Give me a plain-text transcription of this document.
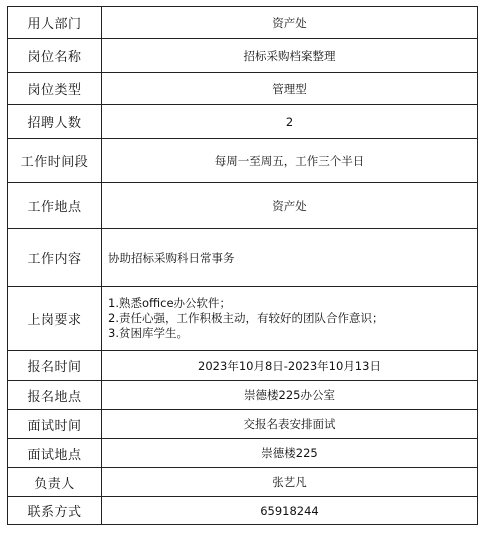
用人部门	资产处
岗位名称	招标采购档案整理
岗位类型	管理型
招聘人数	2
工作时间段	每周一至周五，工作三个半日
工作地点	资产处
工作内容	协助招标采购科日常事务
上岗要求	1.熟悉office办公软件；
2.责任心强，工作积极主动，有较好的团队合作意识；
3.贫困库学生。

报名时间	2023年10月8日-2023年10月13日
报名地点	崇德楼225办公室
面试时间	交报名表安排面试
面试地点	崇德楼225
负责人	张艺凡
联系方式	65918244
